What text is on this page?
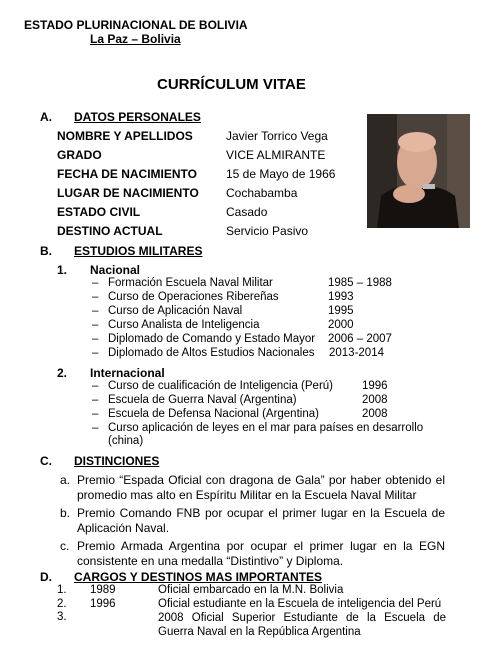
ESTADO PLURINACIONAL DE BOLIVIA
La Paz – Bolivia
CURRÍCULUM VITAE
A. DATOS PERSONALES
NOMBRE Y APELLIDOS	Javier Torrico Vega
GRADO	VICE ALMIRANTE
FECHA DE NACIMIENTO 15 de Mayo de 1966
LUGAR DE NACIMIENTO Cochabamba
ESTADO CIVIL	Casado
DESTINO ACTUAL	Servicio Pasivo
B. ESTUDIOS MILITARES
1. Nacional
– Formación Escuela Naval Militar	1985 – 1988
– Curso de Operaciones Ribereñas	1993
– Curso de Aplicación Naval	1995
– Curso Analista de Inteligencia	2000
– Diplomado de Comando y Estado Mayor 2006 – 2007
– Diplomado de Altos Estudios Nacionales 2013-2014
2. Internacional
– Curso de cualificación de Inteligencia (Perú)	1996
– Escuela de Guerra Naval (Argentina)	2008
– Escuela de Defensa Nacional (Argentina)	2008
– Curso aplicación de leyes en el mar para países en desarrollo (china)
C. DISTINCIONES
a. Premio “Espada Oficial con dragona de Gala” por haber obtenido el promedio mas alto en Espíritu Militar en la Escuela Naval Militar
b. Premio Comando FNB por ocupar el primer lugar en la Escuela de Aplicación Naval.
c. Premio Armada Argentina por ocupar el primer lugar en la EGN consistente en una medalla “Distintivo” y Diploma.
D. CARGOS Y DESTINOS MAS IMPORTANTES
1. 1989	Oficial embarcado en la M.N. Bolivia
2. 1996	Oficial estudiante en la Escuela de inteligencia del Perú
3.	2008 Oficial Superior Estudiante de la Escuela de Guerra Naval en la República Argentina
